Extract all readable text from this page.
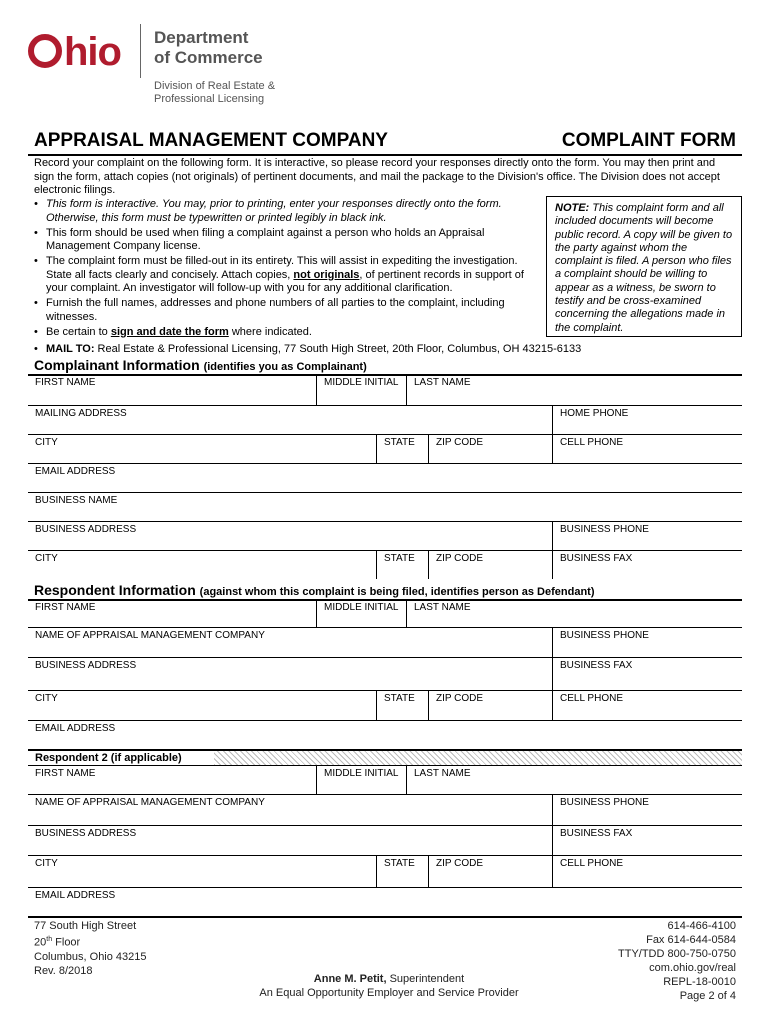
hio Department
of Commerce
Division of Real Estate &
Professional Licensing
APPRAISAL MANAGEMENT COMPANY	COMPLAINT FORM
Record your complaint on the following form. It is interactive, so please record your responses directly onto the form. You may then print and sign the form, attach copies (not originals) of pertinent documents, and mail the package to the Division's office. The Division does not accept electronic filings.
• This form is interactive. You may, prior to printing, enter your responses directly onto the form. Otherwise, this form must be typewritten or printed legibly in black ink.
• This form should be used when filing a complaint against a person who holds an Appraisal Management Company license.
• The complaint form must be filled-out in its entirety. This will assist in expediting the investigation. State all facts clearly and concisely. Attach copies, not originals, of pertinent records in support of your complaint. An investigator will follow-up with you for any additional clarification.
• Furnish the full names, addresses and phone numbers of all parties to the complaint, including witnesses.
• Be certain to sign and date the form where indicated.
• MAIL TO: Real Estate & Professional Licensing, 77 South High Street, 20th Floor, Columbus, OH 43215-6133
NOTE: This complaint form and all included documents will become public record. A copy will be given to the party against whom the complaint is filed. A person who files a complaint should be willing to appear as a witness, be sworn to testify and be cross-examined concerning the allegations made in the complaint.
Complainant Information (identifies you as Complainant)
FIRST NAME	MIDDLE INITIAL	LAST NAME
MAILING ADDRESS	HOME PHONE
CITY	STATE	ZIP CODE	CELL PHONE
EMAIL ADDRESS
BUSINESS NAME
BUSINESS ADDRESS	BUSINESS PHONE
CITY	STATE	ZIP CODE	BUSINESS FAX
Respondent Information (against whom this complaint is being filed, identifies person as Defendant)
FIRST NAME	MIDDLE INITIAL	LAST NAME
NAME OF APPRAISAL MANAGEMENT COMPANY	BUSINESS PHONE
BUSINESS ADDRESS	BUSINESS FAX
CITY	STATE	ZIP CODE	CELL PHONE
EMAIL ADDRESS
Respondent 2 (if applicable)
FIRST NAME	MIDDLE INITIAL	LAST NAME
NAME OF APPRAISAL MANAGEMENT COMPANY	BUSINESS PHONE
BUSINESS ADDRESS	BUSINESS FAX
CITY	STATE	ZIP CODE	CELL PHONE
EMAIL ADDRESS
77 South High Street
20th Floor
Columbus, Ohio 43215
Rev. 8/2018
Anne M. Petit, Superintendent
An Equal Opportunity Employer and Service Provider
614-466-4100
Fax 614-644-0584
TTY/TDD 800-750-0750
com.ohio.gov/real
REPL-18-0010
Page 2 of 4
